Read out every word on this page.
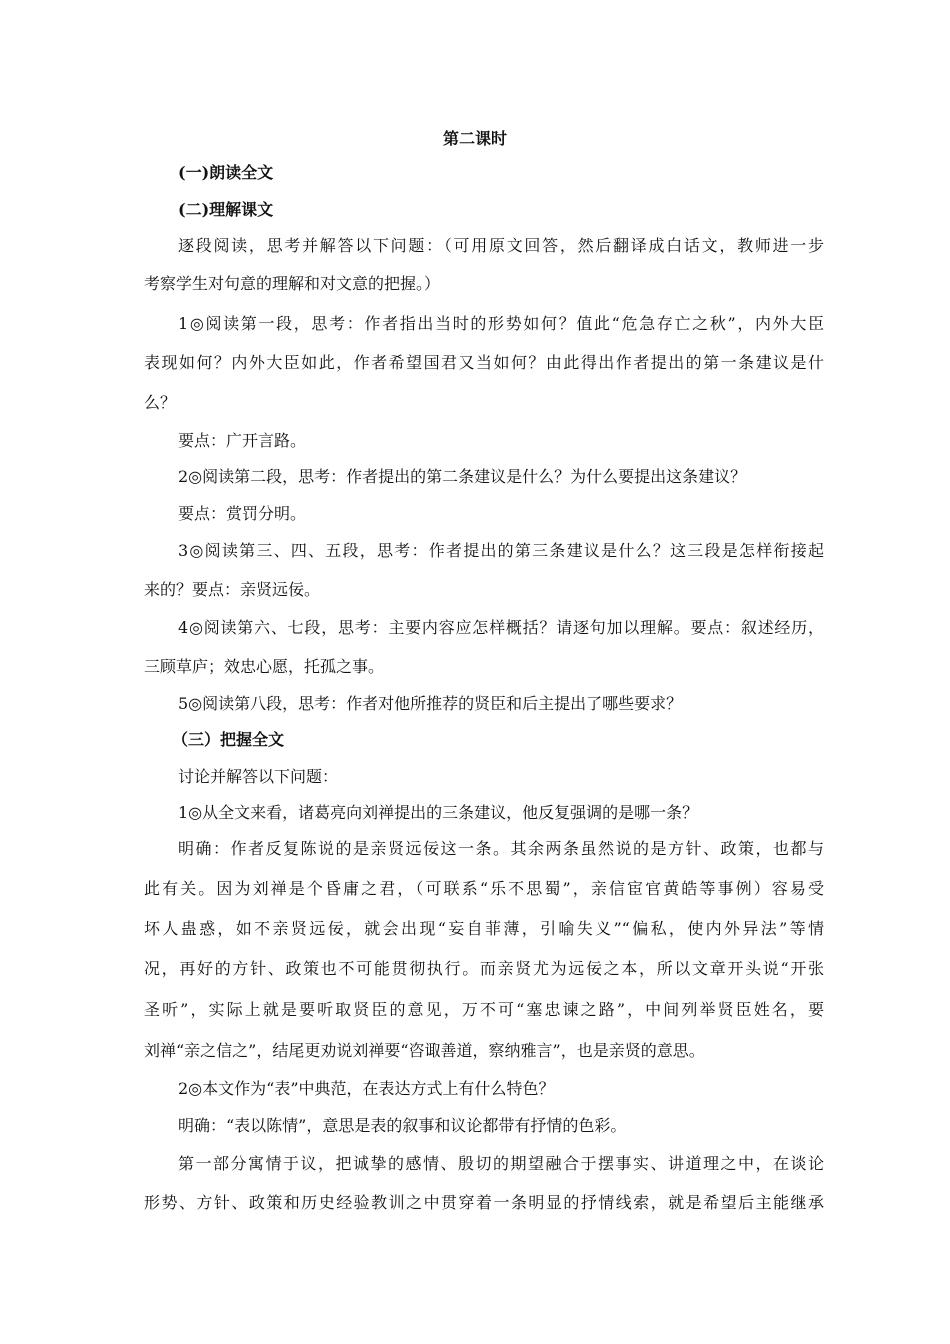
第二课时
(一)朗读全文
(二)理解课文
逐段阅读，思考并解答以下问题：（可用原文回答，然后翻译成白话文，教师进一步
考察学生对句意的理解和对文意的把握。）
1◎阅读第一段，思考：作者指出当时的形势如何？值此“危急存亡之秋”，内外大臣
表现如何？内外大臣如此，作者希望国君又当如何？由此得出作者提出的第一条建议是什
么？
要点：广开言路。
2◎阅读第二段，思考：作者提出的第二条建议是什么？为什么要提出这条建议？
要点：赏罚分明。
3◎阅读第三、四、五段，思考：作者提出的第三条建议是什么？这三段是怎样衔接起
来的？要点：亲贤远佞。
4◎阅读第六、七段，思考：主要内容应怎样概括？请逐句加以理解。要点：叙述经历，
三顾草庐；效忠心愿，托孤之事。
5◎阅读第八段，思考：作者对他所推荐的贤臣和后主提出了哪些要求？
（三）把握全文
讨论并解答以下问题：
1◎从全文来看，诸葛亮向刘禅提出的三条建议，他反复强调的是哪一条？
明确：作者反复陈说的是亲贤远佞这一条。其余两条虽然说的是方针、政策，也都与
此有关。因为刘禅是个昏庸之君，（可联系“乐不思蜀”，亲信宦官黄皓等事例）容易受
坏人蛊惑，如不亲贤远佞，就会出现“妄自菲薄，引喻失义”“偏私，使内外异法”等情
况，再好的方针、政策也不可能贯彻执行。而亲贤尤为远佞之本，所以文章开头说“开张
圣听”，实际上就是要听取贤臣的意见，万不可“塞忠谏之路”，中间列举贤臣姓名，要
刘禅“亲之信之”，结尾更劝说刘禅要“咨诹善道，察纳雅言”，也是亲贤的意思。
2◎本文作为“表”中典范，在表达方式上有什么特色？
明确：“表以陈情”，意思是表的叙事和议论都带有抒情的色彩。
第一部分寓情于议，把诚挚的感情、殷切的期望融合于摆事实、讲道理之中，在谈论
形势、方针、政策和历史经验教训之中贯穿着一条明显的抒情线索，就是希望后主能继承
